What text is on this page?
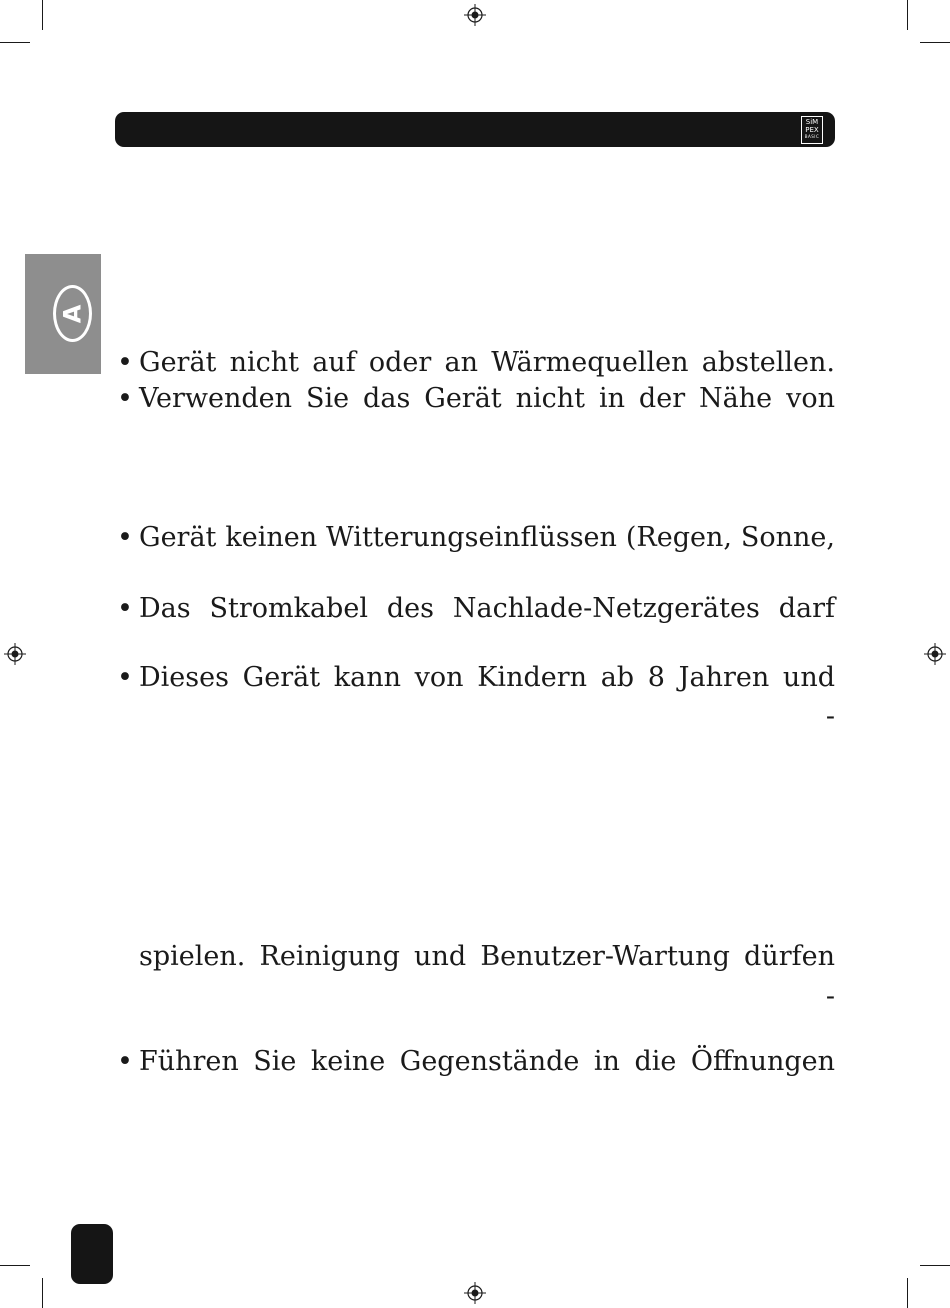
SiM
PEX
BASIC
A
• Gerät nicht auf oder an Wärmequellen abstellen.
• Verwenden Sie das Gerät nicht in der Nähe von
• Gerät keinen Witterungseinflüssen (Regen, Sonne,
• Das Stromkabel des Nachlade-Netzgerätes darf
• Dieses Gerät kann von Kindern ab 8 Jahren und
-
spielen. Reinigung und Benutzer-Wartung dürfen
-
• Führen Sie keine Gegenstände in die Öffnungen
